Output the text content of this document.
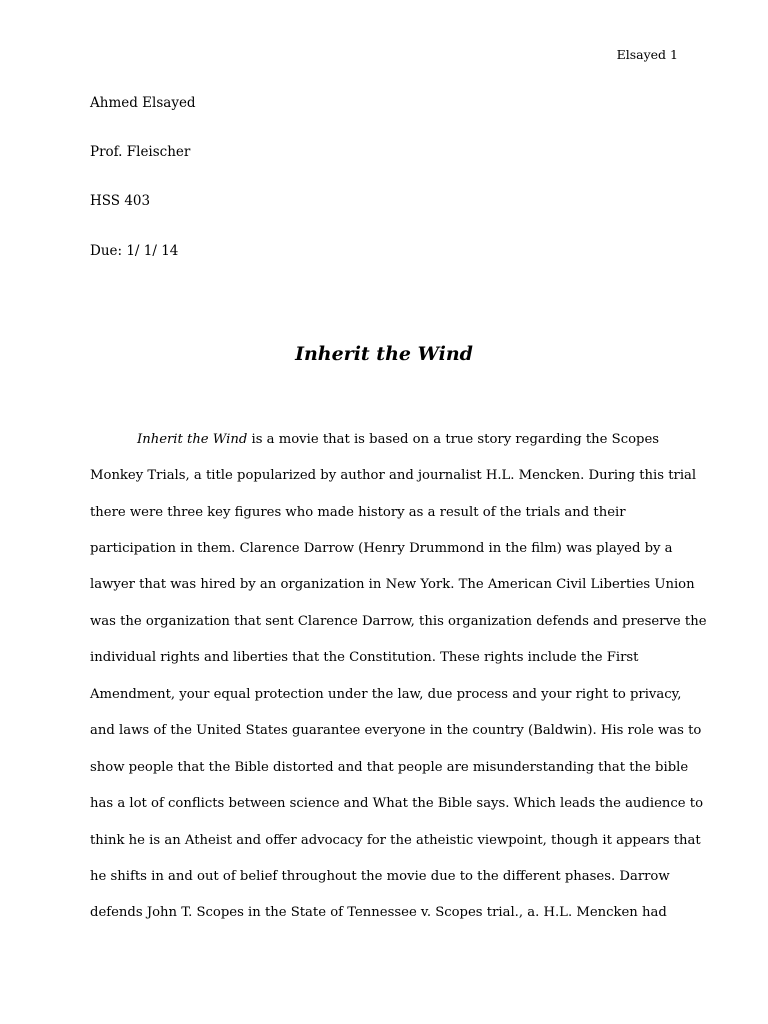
Elsayed 1
Ahmed Elsayed
Prof. Fleischer
HSS 403
Due: 1/ 1/ 14
Inherit the Wind
Inherit the Wind is a movie that is based on a true story regarding the Scopes
Monkey Trials, a title popularized by author and journalist H.L. Mencken. During this trial
there were three key figures who made history as a result of the trials and their
participation in them. Clarence Darrow (Henry Drummond in the film) was played by a
lawyer that was hired by an organization in New York. The American Civil Liberties Union
was the organization that sent Clarence Darrow, this organization defends and preserve the
individual rights and liberties that the Constitution. These rights include the First
Amendment, your equal protection under the law, due process and your right to privacy,
and laws of the United States guarantee everyone in the country (Baldwin). His role was to
show people that the Bible distorted and that people are misunderstanding that the bible
has a lot of conflicts between science and What the Bible says. Which leads the audience to
think he is an Atheist and offer advocacy for the atheistic viewpoint, though it appears that
he shifts in and out of belief throughout the movie due to the different phases. Darrow
defends John T. Scopes in the State of Tennessee v. Scopes trial., a. H.L. Mencken had
